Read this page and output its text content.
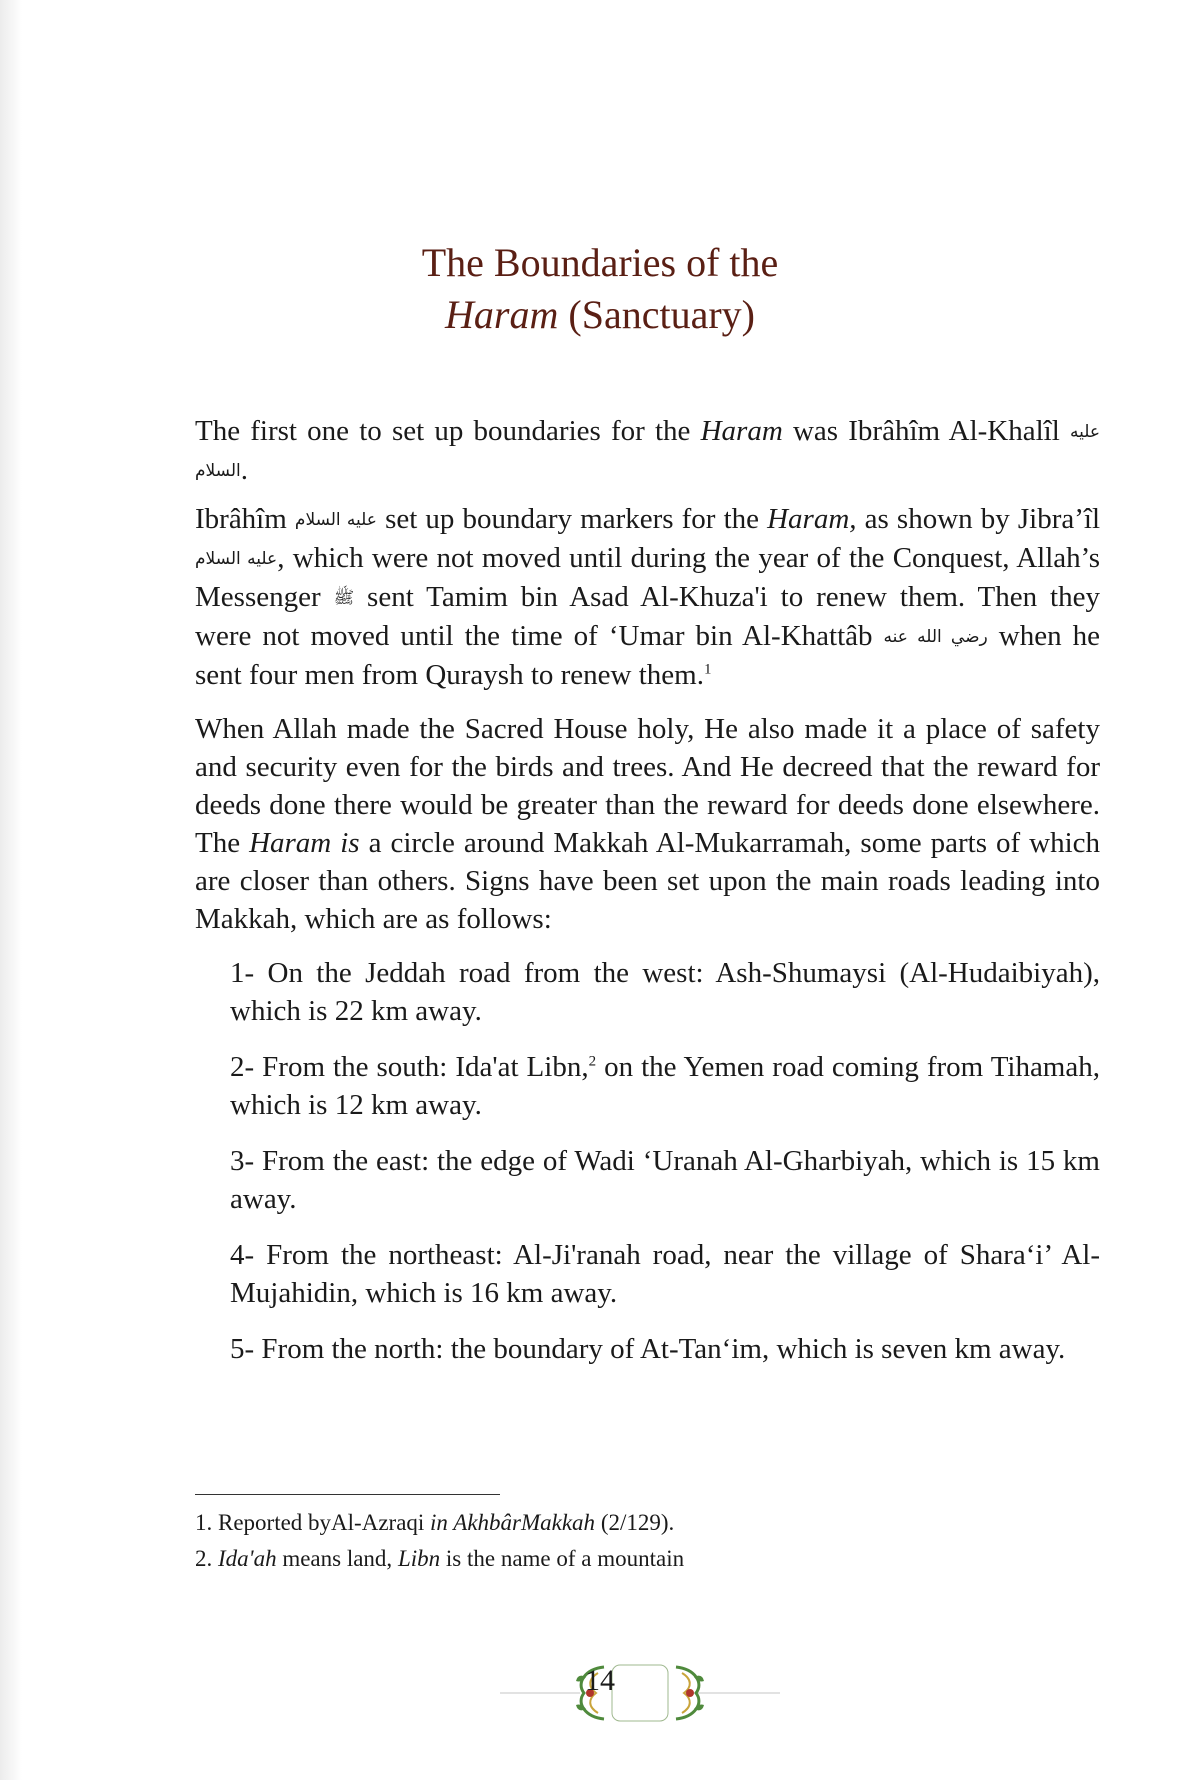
The Boundaries of the
Haram (Sanctuary)

The first one to set up boundaries for the Haram was Ibrâhîm Al-Khalîl عليه السلام.

Ibrâhîm عليه السلام set up boundary markers for the Haram, as shown by Jibra’îl عليه السلام, which were not moved until during the year of the Conquest, Allah’s Messenger ﷺ sent Tamim bin Asad Al-Khuza'i to renew them. Then they were not moved until the time of ‘Umar bin Al-Khattâb رضي الله عنه when he sent four men from Quraysh to renew them.$^1$

When Allah made the Sacred House holy, He also made it a place of safety and security even for the birds and trees. And He decreed that the reward for deeds done there would be greater than the reward for deeds done elsewhere. The Haram is a circle around Makkah Al-Mukarramah, some parts of which are closer than others. Signs have been set upon the main roads leading into Makkah, which are as follows:

1- On the Jeddah road from the west: Ash-Shumaysi (Al-Hudaibiyah), which is 22 km away.

2- From the south: Ida'at Libn,$^2$ on the Yemen road coming from Tihamah, which is 12 km away.

3- From the east: the edge of Wadi ‘Uranah Al-Gharbiyah, which is 15 km away.

4- From the northeast: Al-Ji'ranah road, near the village of Shara‘i’ Al-Mujahidin, which is 16 km away.

5- From the north: the boundary of At-Tan‘im, which is seven km away.

1. Reported byAl-Azraqi in AkhbârMakkah (2/129).
2. Ida'ah means land, Libn is the name of a mountain
14
